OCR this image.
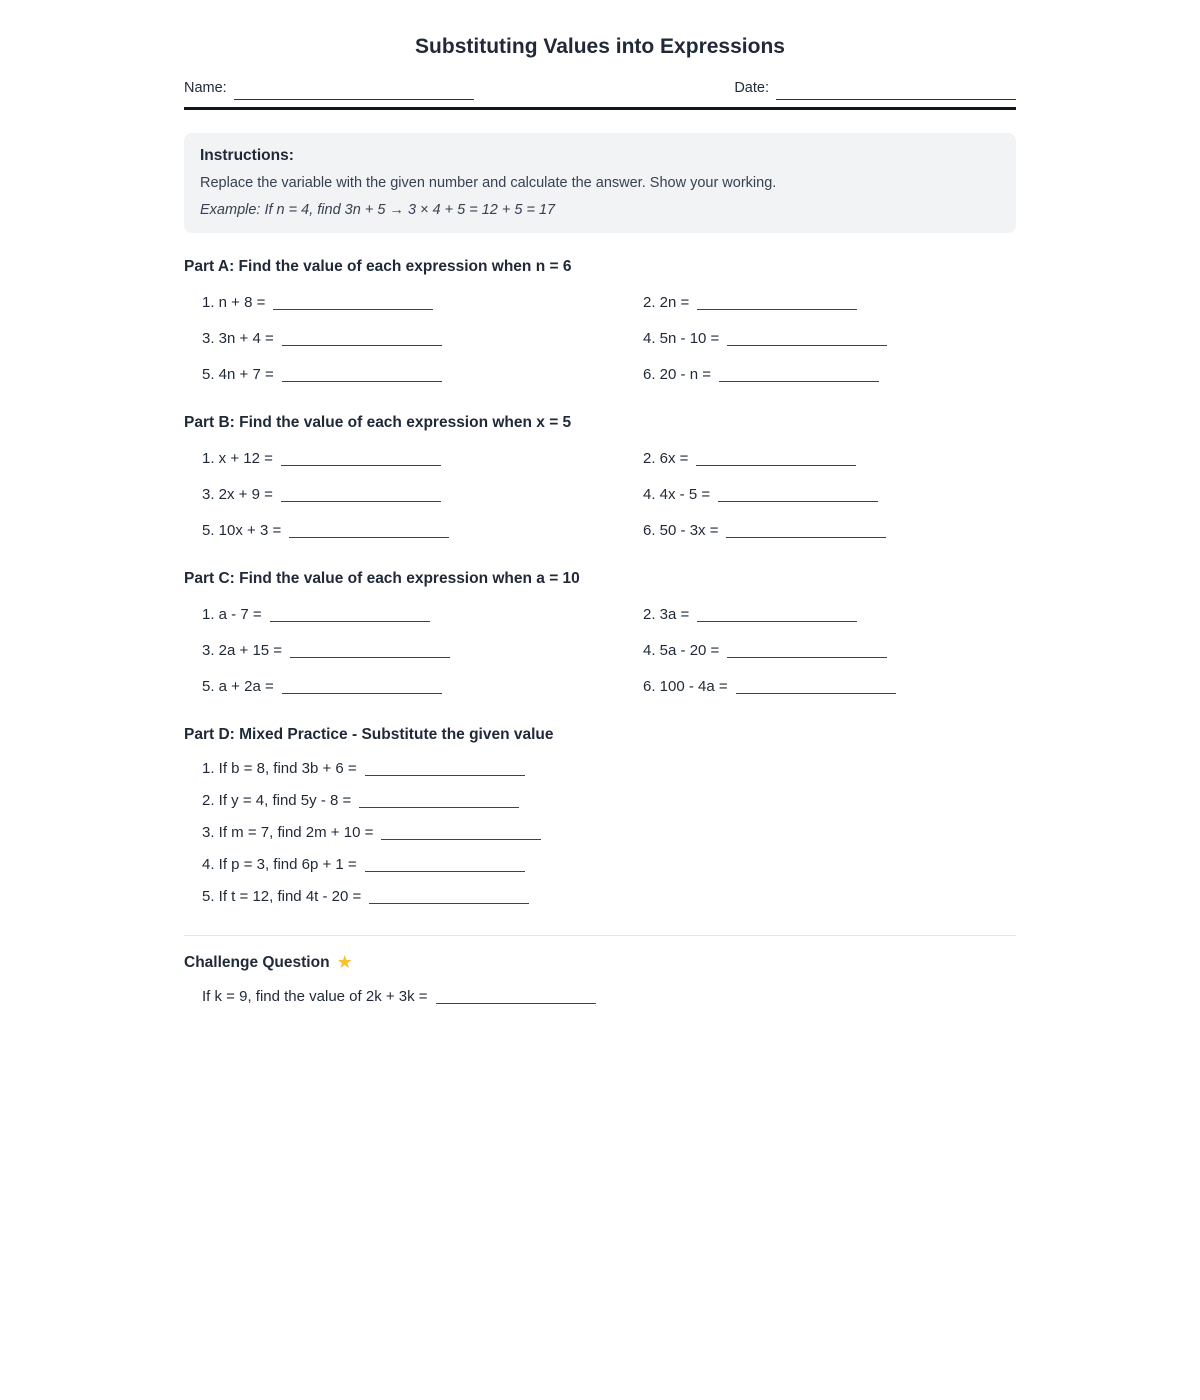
Substituting Values into Expressions
Name:	Date:
Instructions:

Replace the variable with the given number and calculate the answer. Show your working.

Example: If n = 4, find 3n + 5 → 3 × 4 + 5 = 12 + 5 = 17

Part A: Find the value of each expression when n = 6
1. n + 8 =	2. 2n =
3. 3n + 4 =	4. 5n - 10 =
5. 4n + 7 =	6. 20 - n =
Part B: Find the value of each expression when x = 5
1. x + 12 =	2. 6x =
3. 2x + 9 =	4. 4x - 5 =
5. 10x + 3 =	6. 50 - 3x =
Part C: Find the value of each expression when a = 10
1. a - 7 =	2. 3a =
3. 2a + 15 =	4. 5a - 20 =
5. a + 2a =	6. 100 - 4a =
Part D: Mixed Practice - Substitute the given value
1. If b = 8, find 3b + 6 =
2. If y = 4, find 5y - 8 =
3. If m = 7, find 2m + 10 =
4. If p = 3, find 6p + 1 =
5. If t = 12, find 4t - 20 =
Challenge Question ★
If k = 9, find the value of 2k + 3k =
